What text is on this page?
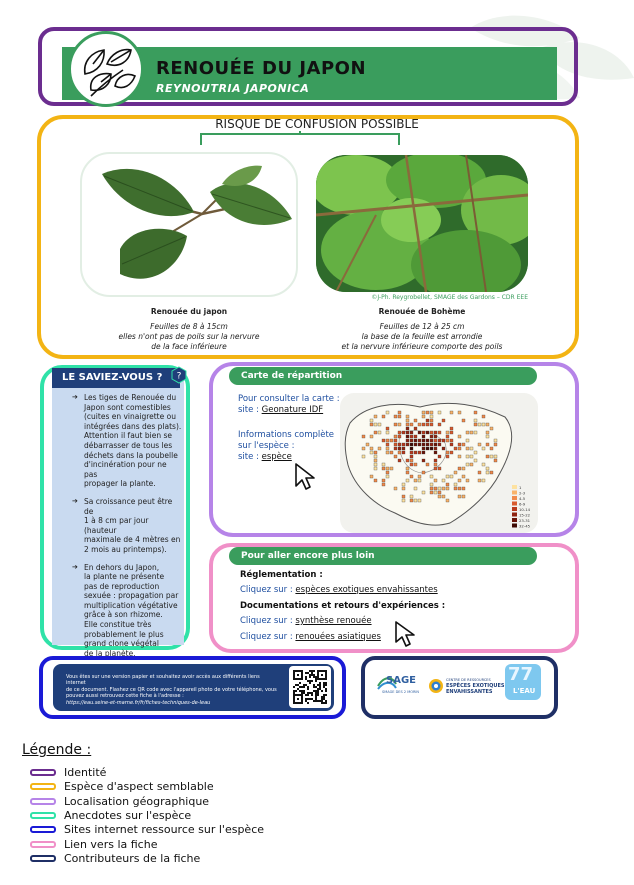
RENOUÉE DU JAPON
REYNOUTRIA JAPONICA
RISQUE DE CONFUSION POSSIBLE
Renouée du japon
Feuilles de 8 à 15cm
elles n'ont pas de poils sur la nervure
de la face inférieure
©J-Ph. Reygrobellet, SMAGE des Gardons – CDR EEE
Renouée de Bohème
Feuilles de 12 à 25 cm
la base de la feuille est arrondie
et la nervure inférieure comporte des poils
LE SAVIEZ-VOUS ?	?
➔ Les tiges de Renouée du
Japon sont comestibles
(cuites en vinaigrette ou
intégrées dans des plats).
Attention il faut bien se
débarrasser de tous les
déchets dans la poubelle
d'incinération pour ne pas
propager la plante.
➔ Sa croissance peut être de
1 à 8 cm par jour (hauteur
maximale de 4 mètres en
2 mois au printemps).
➔ En dehors du Japon,
la plante ne présente
pas de reproduction
sexuée : propagation par
multiplication végétative
grâce à son rhizome.
Elle constitue très
probablement le plus
grand clone végétal
de la planète.
Carte de répartition
Pour consulter la carte :
site : Geonature IDF
Informations complète
sur l'espèce :
site : espèce
1
2-3
4-5
6-9
10-14
15-22
23-31
32-45
Pour aller encore plus loin
Réglementation :
Cliquez sur : espèces exotiques envahissantes
Documentations et retours d'expériences :
Cliquez sur : synthèse renouée
Cliquez sur : renouées asiatiques
Vous êtes sur une version papier et souhaitez avoir accès aux différents liens internet
de ce document. Flashez ce QR code avec l'appareil photo de votre téléphone, vous
pouvez aussi retrouvez cette fiche à l'adresse :
https://eau.seine-et-marne.fr/fr/fiches-techniques-de-leau
SAGE
SMAGE DES 2 MORIN
CENTRE DE RESSOURCES
ESPÈCES EXOTIQUES
ENVAHISSANTES
77
L'EAU
Légende :
Identité
Espèce d'aspect semblable
Localisation géographique
Anecdotes sur l'espèce
Sites internet ressource sur l'espèce
Lien vers la fiche
Contributeurs de la fiche
